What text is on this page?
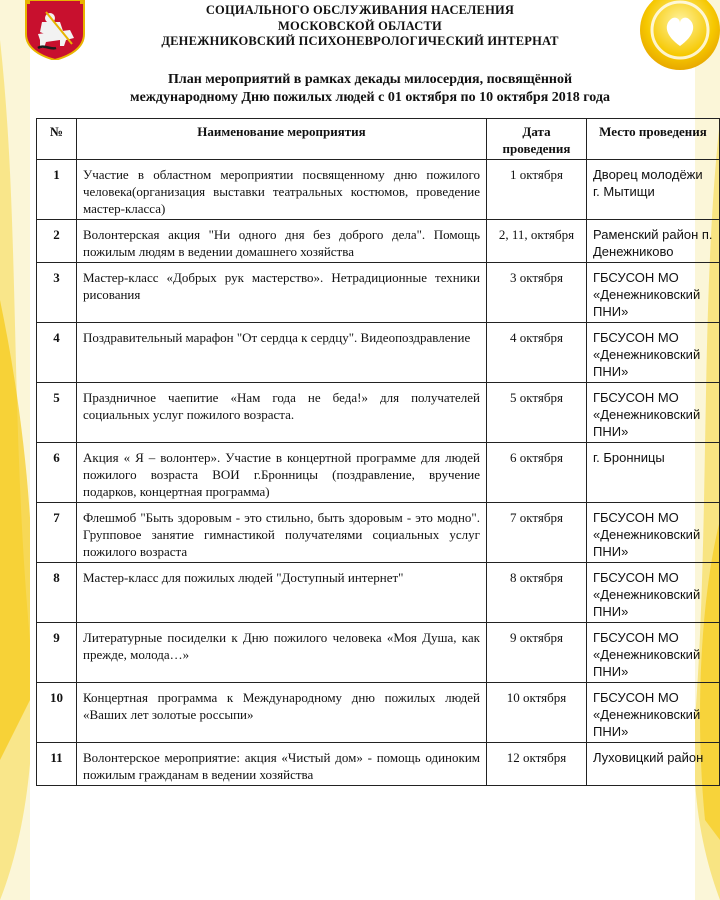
СОЦИАЛЬНОГО ОБСЛУЖИВАНИЯ НАСЕЛЕНИЯ
МОСКОВСКОЙ ОБЛАСТИ
ДЕНЕЖНИКОВСКИЙ ПСИХОНЕВРОЛОГИЧЕСКИЙ ИНТЕРНАТ
План мероприятий в рамках декады милосердия, посвящённой
международному Дню пожилых людей с 01 октября по 10 октября 2018 года
№	Наименование мероприятия	Дата проведения	Место проведения
1	Участие в областном мероприятии посвященному дню пожилого человека(организация выставки театральных костюмов, проведение мастер-класса)	1 октября	Дворец молодёжи г. Мытищи
2	Волонтерская акция "Ни одного дня без доброго дела". Помощь пожилым людям в ведении домашнего хозяйства	2, 11, октября	Раменский район п. Денежниково
3	Мастер-класс «Добрых рук мастерство». Нетрадиционные техники рисования	3 октября	ГБСУСОН МО «Денежниковский ПНИ»
4	Поздравительный марафон "От сердца к сердцу". Видеопоздравление	4 октября	ГБСУСОН МО «Денежниковский ПНИ»
5	Праздничное чаепитие «Нам года не беда!» для получателей социальных услуг пожилого возраста.	5 октября	ГБСУСОН МО «Денежниковский ПНИ»
6	Акция « Я – волонтер». Участие в концертной программе для людей пожилого возраста ВОИ г.Бронницы (поздравление, вручение подарков, концертная программа)	6 октября	г. Бронницы
7	Флешмоб "Быть здоровым - это стильно, быть здоровым - это модно". Групповое занятие гимнастикой получателями социальных услуг пожилого возраста	7 октября	ГБСУСОН МО «Денежниковский ПНИ»
8	Мастер-класс для пожилых людей "Доступный интернет"	8 октября	ГБСУСОН МО «Денежниковский ПНИ»
9	Литературные посиделки к Дню пожилого человека «Моя Душа, как прежде, молода…»	9 октября	ГБСУСОН МО «Денежниковский ПНИ»
10	Концертная программа к Международному дню пожилых людей «Ваших лет золотые россыпи»	10 октября	ГБСУСОН МО «Денежниковский ПНИ»
11	Волонтерское мероприятие: акция «Чистый дом» - помощь одиноким пожилым гражданам в ведении хозяйства	12 октября	Луховицкий район
